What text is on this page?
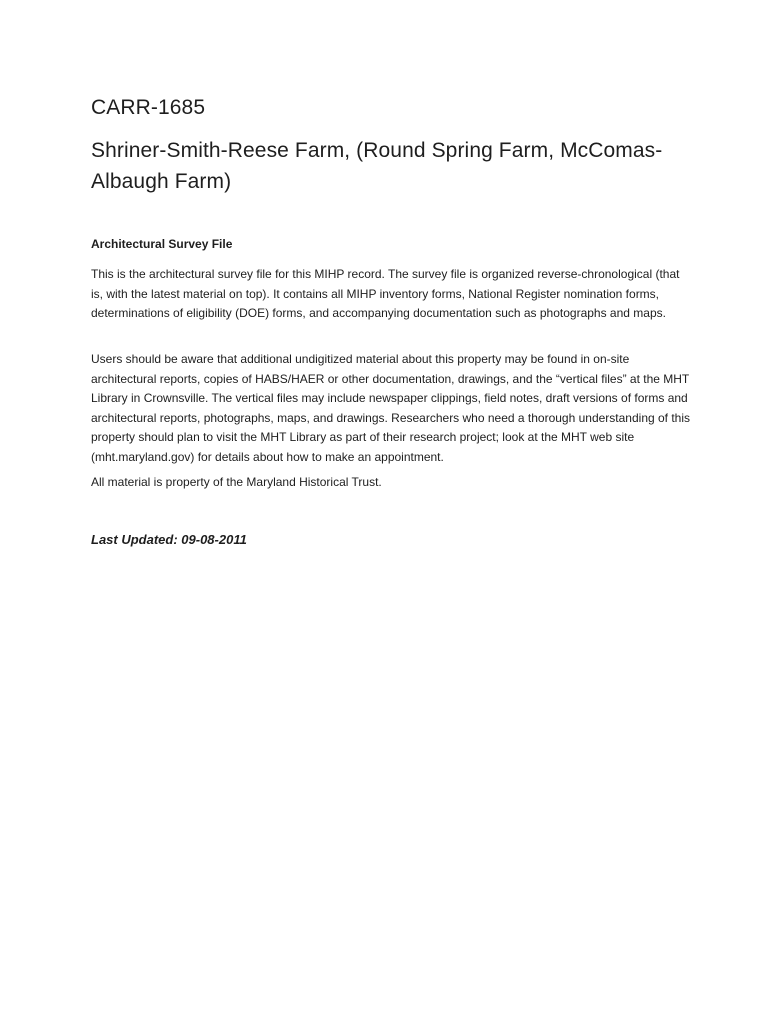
CARR-1685
Shriner-Smith-Reese Farm, (Round Spring Farm, McComas-Albaugh Farm)
Architectural Survey File

This is the architectural survey file for this MIHP record. The survey file is organized reverse-chronological (that is, with the latest material on top). It contains all MIHP inventory forms, National Register nomination forms, determinations of eligibility (DOE) forms, and accompanying documentation such as photographs and maps.

Users should be aware that additional undigitized material about this property may be found in on-site architectural reports, copies of HABS/HAER or other documentation, drawings, and the “vertical files” at the MHT Library in Crownsville. The vertical files may include newspaper clippings, field notes, draft versions of forms and architectural reports, photographs, maps, and drawings. Researchers who need a thorough understanding of this property should plan to visit the MHT Library as part of their research project; look at the MHT web site (mht.maryland.gov) for details about how to make an appointment.

All material is property of the Maryland Historical Trust.

Last Updated: 09-08-2011
